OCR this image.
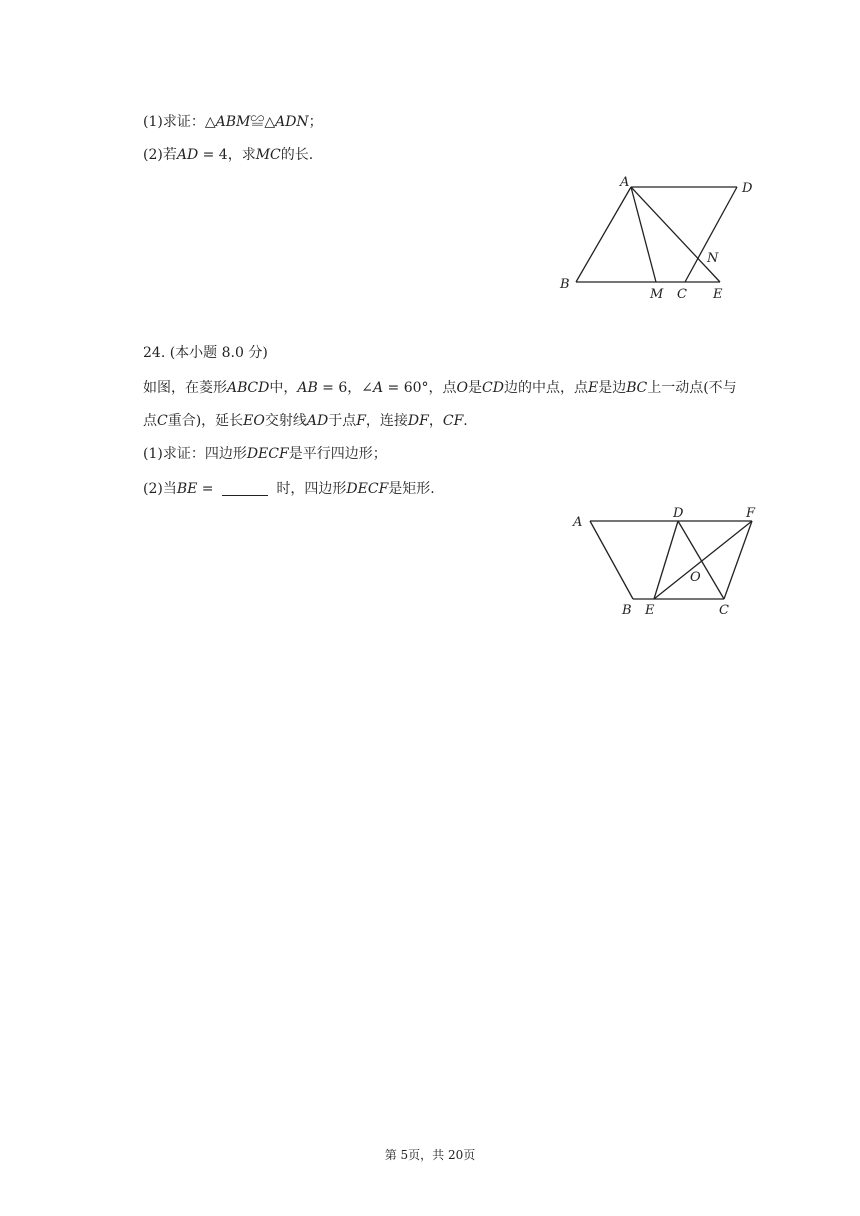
(1)求证：△𝐴𝐵𝑀≌△𝐴𝐷𝑁；
(2)若𝐴𝐷 = 4，求𝑀𝐶的长.
A	D
N
B
M C E
24. (本小题 8.0 分)
如图，在菱形𝐴𝐵𝐶𝐷中，𝐴𝐵 = 6，∠𝐴 = 60°，点𝑂是𝐶𝐷边的中点，点𝐸是边𝐵𝐶上一动点(不与
点𝐶重合)，延长𝐸𝑂交射线𝐴𝐷于点𝐹，连接𝐷𝐹，𝐶𝐹.
(1)求证：四边形𝐷𝐸𝐶𝐹是平行四边形；
(2)当𝐵𝐸 =	时，四边形𝐷𝐸𝐶𝐹是矩形.
A
D	F
O
B E	C
第 5页，共 20页
